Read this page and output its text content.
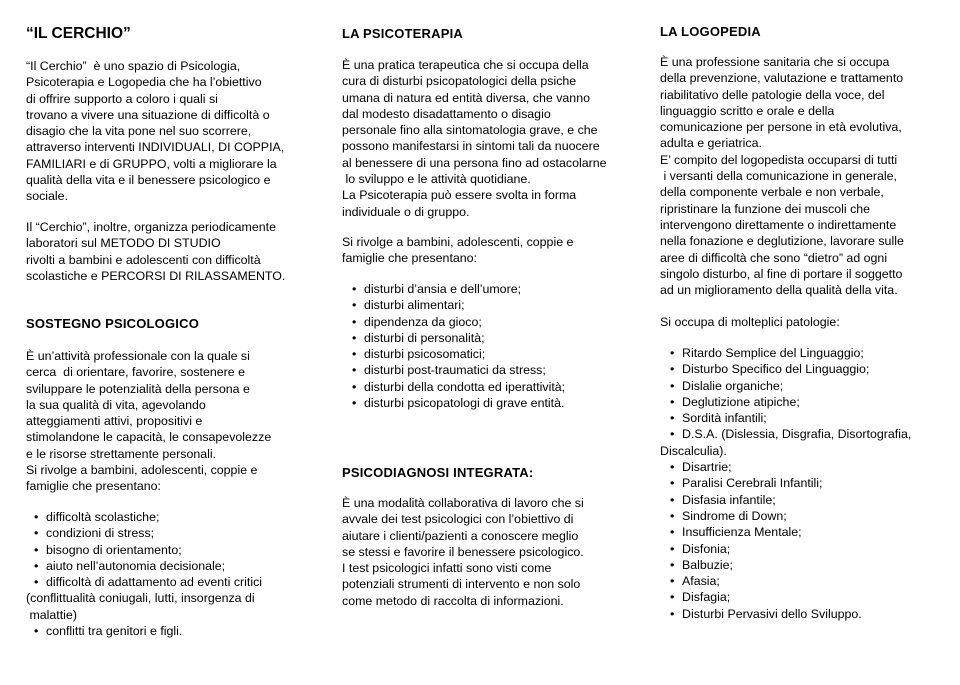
“IL CERCHIO”
“Il Cerchio”  è uno spazio di Psicologia,
Psicoterapia e Logopedia che ha l’obiettivo
di offrire supporto a coloro i quali si
trovano a vivere una situazione di difficoltà o
disagio che la vita pone nel suo scorrere,
attraverso interventi INDIVIDUALI, DI COPPIA,
FAMILIARI e di GRUPPO, volti a migliorare la
qualità della vita e il benessere psicologico e
sociale.
Il “Cerchio”, inoltre, organizza periodicamente
laboratori sul METODO DI STUDIO
rivolti a bambini e adolescenti con difficoltà
scolastiche e PERCORSI DI RILASSAMENTO.
SOSTEGNO PSICOLOGICO
È un’attività professionale con la quale si
cerca  di orientare, favorire, sostenere e
sviluppare le potenzialità della persona e
la sua qualità di vita, agevolando
atteggiamenti attivi, propositivi e
stimolandone le capacità, le consapevolezze
e le risorse strettamente personali.
Si rivolge a bambini, adolescenti, coppie e
famiglie che presentano:
• difficoltà scolastiche;
• condizioni di stress;
• bisogno di orientamento;
• aiuto nell’autonomia decisionale;
• difficoltà di adattamento ad eventi critici
(conflittualità coniugali, lutti, insorgenza di
malattie)
• conflitti tra genitori e figli.
LA PSICOTERAPIA
È una pratica terapeutica che si occupa della
cura di disturbi psicopatologici della psiche
umana di natura ed entità diversa, che vanno
dal modesto disadattamento o disagio
personale fino alla sintomatologia grave, e che
possono manifestarsi in sintomi tali da nuocere
al benessere di una persona fino ad ostacolarne
lo sviluppo e le attività quotidiane.
La Psicoterapia può essere svolta in forma
individuale o di gruppo.
Si rivolge a bambini, adolescenti, coppie e
famiglie che presentano:
• disturbi d’ansia e dell’umore;
• disturbi alimentari;
• dipendenza da gioco;
• disturbi di personalità;
• disturbi psicosomatici;
• disturbi post-traumatici da stress;
• disturbi della condotta ed iperattività;
• disturbi psicopatologi di grave entità.
PSICODIAGNOSI INTEGRATA:
È una modalità collaborativa di lavoro che si
avvale dei test psicologici con l’obiettivo di
aiutare i clienti/pazienti a conoscere meglio
se stessi e favorire il benessere psicologico.
I test psicologici infatti sono visti come
potenziali strumenti di intervento e non solo
come metodo di raccolta di informazioni.
LA LOGOPEDIA
È una professione sanitaria che si occupa
della prevenzione, valutazione e trattamento
riabilitativo delle patologie della voce, del
linguaggio scritto e orale e della
comunicazione per persone in età evolutiva,
adulta e geriatrica.
E’ compito del logopedista occuparsi di tutti
i versanti della comunicazione in generale,
della componente verbale e non verbale,
ripristinare la funzione dei muscoli che
intervengono direttamente o indirettamente
nella fonazione e deglutizione, lavorare sulle
aree di difficoltà che sono “dietro” ad ogni
singolo disturbo, al fine di portare il soggetto
ad un miglioramento della qualità della vita.
Si occupa di molteplici patologie:
• Ritardo Semplice del Linguaggio;
• Disturbo Specifico del Linguaggio;
• Dislalie organiche;
• Deglutizione atipiche;
• Sordità infantili;
• D.S.A. (Dislessia, Disgrafia, Disortografia,
Discalculia).
• Disartrie;
• Paralisi Cerebrali Infantili;
• Disfasia infantile;
• Sindrome di Down;
• Insufficienza Mentale;
• Disfonia;
• Balbuzie;
• Afasia;
• Disfagia;
• Disturbi Pervasivi dello Sviluppo.
